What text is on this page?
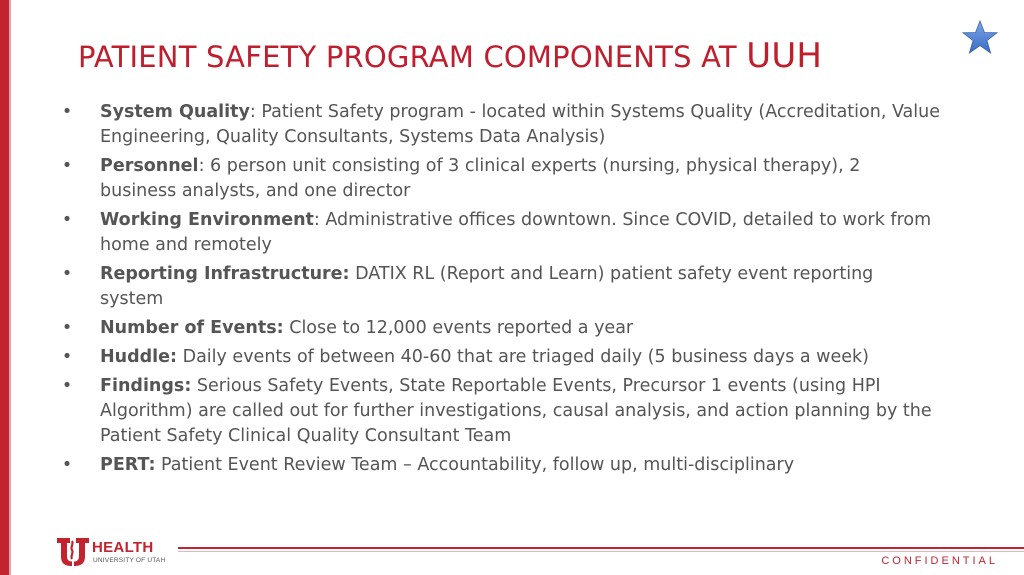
PATIENT SAFETY PROGRAM COMPONENTS AT UUH
• System Quality: Patient Safety program - located within Systems Quality (Accreditation, Value Engineering, Quality Consultants, Systems Data Analysis)
• Personnel: 6 person unit consisting of 3 clinical experts (nursing, physical therapy), 2 business analysts, and one director
• Working Environment: Administrative offices downtown. Since COVID, detailed to work from home and remotely
• Reporting Infrastructure: DATIX RL (Report and Learn) patient safety event reporting system
• Number of Events: Close to 12,000 events reported a year
• Huddle: Daily events of between 40-60 that are triaged daily (5 business days a week)
• Findings: Serious Safety Events, State Reportable Events, Precursor 1 events (using HPI Algorithm) are called out for further investigations, causal analysis, and action planning by the Patient Safety Clinical Quality Consultant Team
• PERT: Patient Event Review Team – Accountability, follow up, multi-disciplinary
HEALTH
UNIVERSITY OF UTAH	CONFIDENTIAL
